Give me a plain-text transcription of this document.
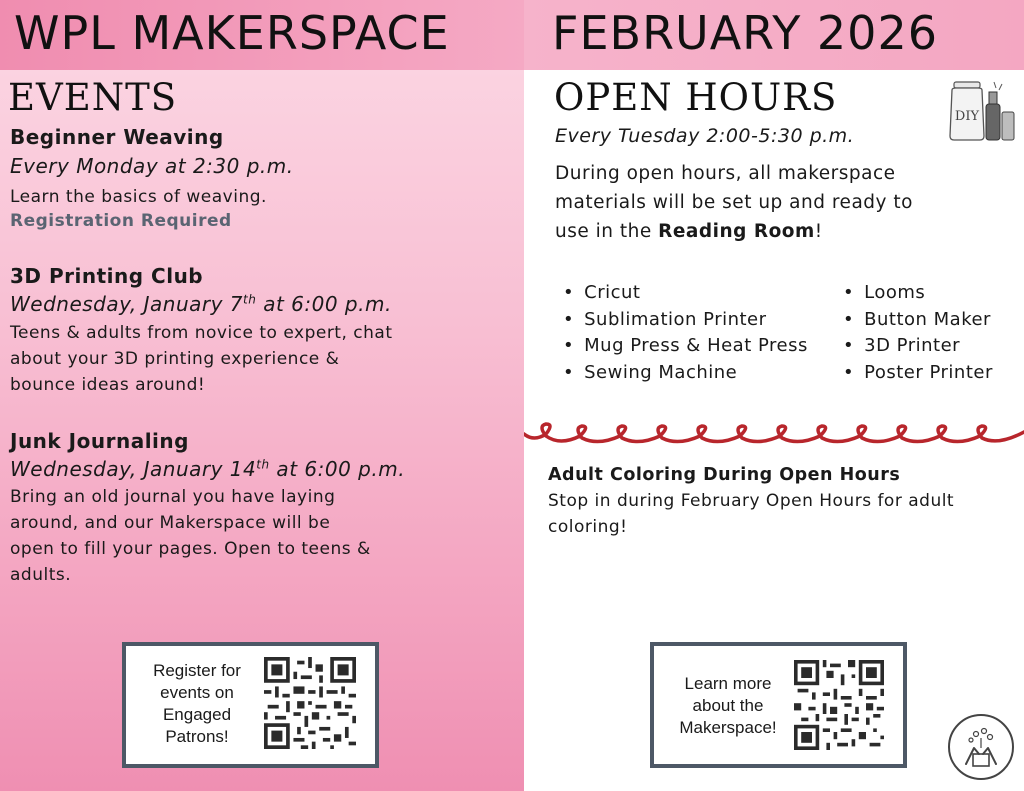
WPL MAKERSPACE FEBRUARY 2026
EVENTS
Beginner Weaving
Every Monday at 2:30 p.m.
Learn the basics of weaving.
Registration Required
3D Printing Club
Wednesday, January 7th at 6:00 p.m.
Teens & adults from novice to expert, chat
about your 3D printing experience &
bounce ideas around!
Junk Journaling
Wednesday, January 14th at 6:00 p.m.
Bring an old journal you have laying
around, and our Makerspace will be
open to fill your pages. Open to teens &
adults.
Register for
events on
Engaged
Patrons!
OPEN HOURS
Every Tuesday 2:00-5:30 p.m.
During open hours, all makerspace
materials will be set up and ready to
use in the Reading Room!
DIY
• Cricut
• Sublimation Printer
• Mug Press & Heat Press
• Sewing Machine
• Looms
• Button Maker
• 3D Printer
• Poster Printer
Adult Coloring During Open Hours
Stop in during February Open Hours for adult
coloring!
Learn more
about the
Makerspace!
